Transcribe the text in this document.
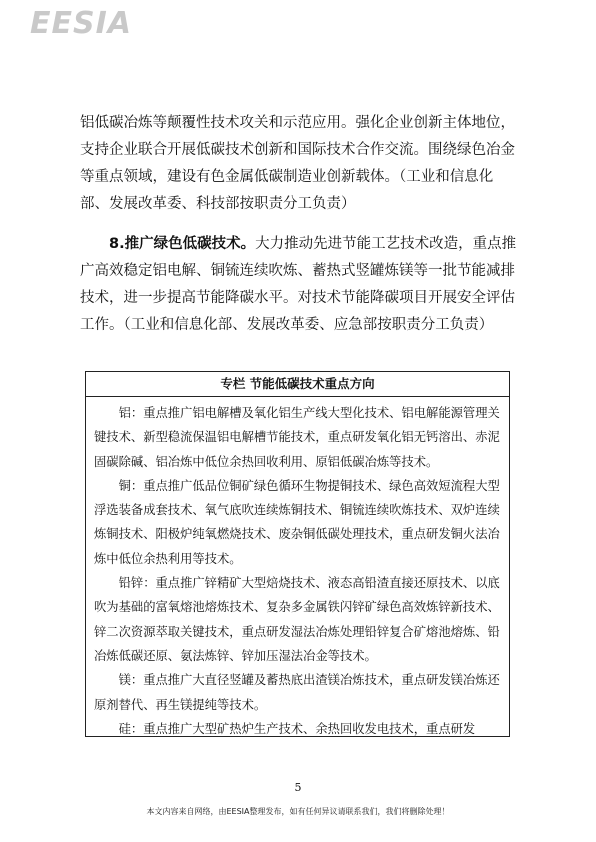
EESIA

铝低碳冶炼等颠覆性技术攻关和示范应用。强化企业创新主体地位，支持企业联合开展低碳技术创新和国际技术合作交流。围绕绿色冶金等重点领域，建设有色金属低碳制造业创新载体。（工业和信息化部、发展改革委、科技部按职责分工负责）

8.推广绿色低碳技术。大力推动先进节能工艺技术改造，重点推广高效稳定铝电解、铜锍连续吹炼、蓄热式竖罐炼镁等一批节能减排技术，进一步提高节能降碳水平。对技术节能降碳项目开展安全评估工作。（工业和信息化部、发展改革委、应急部按职责分工负责）

专栏 节能低碳技术重点方向

铝：重点推广铝电解槽及氧化铝生产线大型化技术、铝电解能源管理关键技术、新型稳流保温铝电解槽节能技术，重点研发氧化铝无钙溶出、赤泥固碳除碱、铝冶炼中低位余热回收利用、原铝低碳冶炼等技术。

铜：重点推广低品位铜矿绿色循环生物提铜技术、绿色高效短流程大型浮选装备成套技术、氧气底吹连续炼铜技术、铜锍连续吹炼技术、双炉连续炼铜技术、阳极炉纯氧燃烧技术、废杂铜低碳处理技术，重点研发铜火法冶炼中低位余热利用等技术。

铅锌：重点推广锌精矿大型焙烧技术、液态高铅渣直接还原技术、以底吹为基础的富氧熔池熔炼技术、复杂多金属铁闪锌矿绿色高效炼锌新技术、锌二次资源萃取关键技术，重点研发湿法冶炼处理铅锌复合矿熔池熔炼、铅冶炼低碳还原、氨法炼锌、锌加压湿法冶金等技术。

镁：重点推广大直径竖罐及蓄热底出渣镁冶炼技术，重点研发镁冶炼还原剂替代、再生镁提纯等技术。

硅：重点推广大型矿热炉生产技术、余热回收发电技术，重点研发

5
本文内容来自网络，由EESIA整理发布，如有任何异议请联系我们，我们将删除处理！
